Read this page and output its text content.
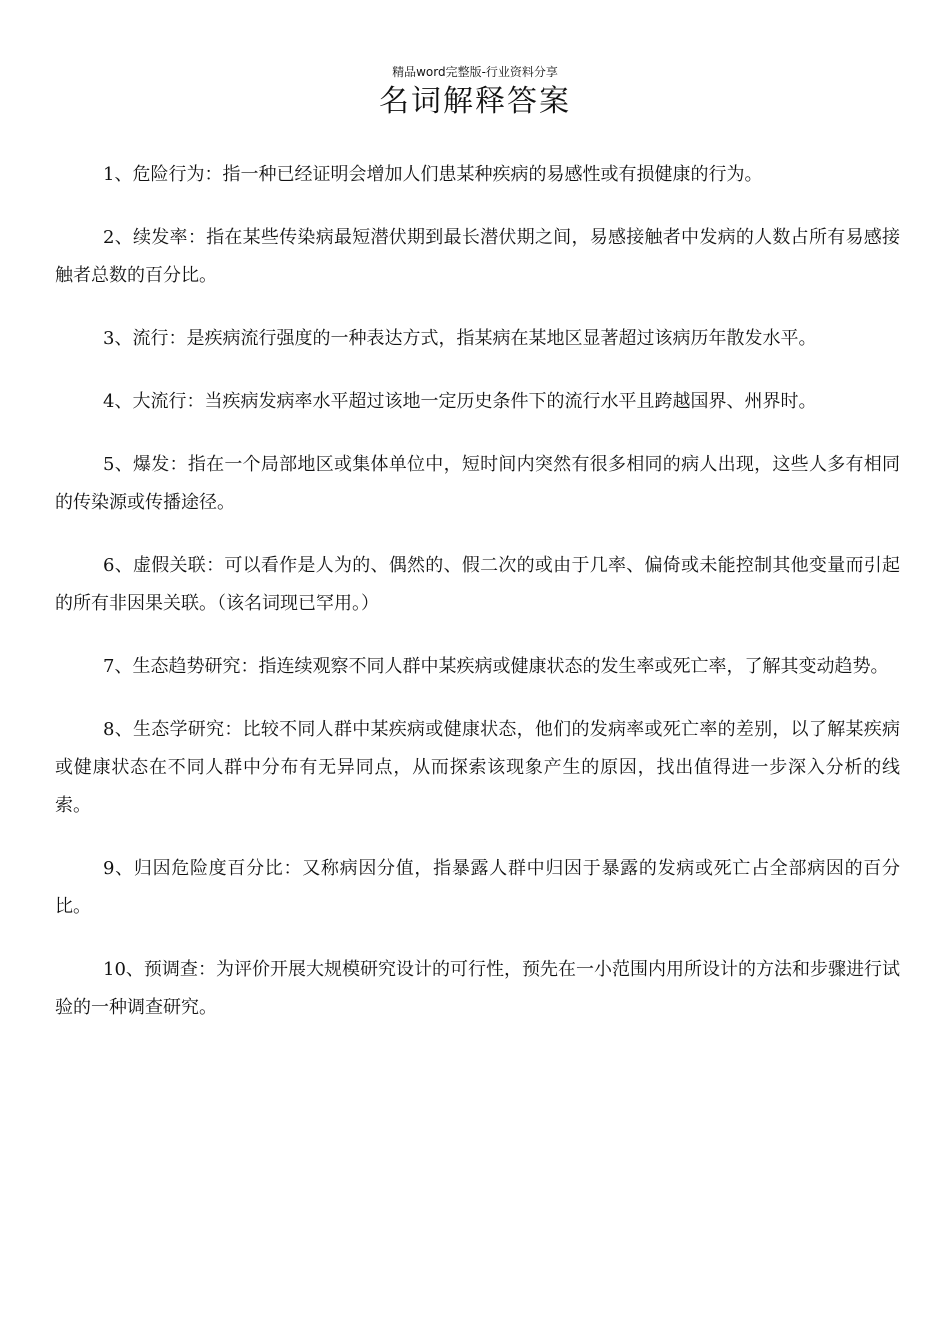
精品word完整版-行业资料分享
名词解释答案

1、危险行为：指一种已经证明会增加人们患某种疾病的易感性或有损健康的行为。

2、续发率：指在某些传染病最短潜伏期到最长潜伏期之间，易感接触者中发病的人数占所有易感接触者总数的百分比。

3、流行：是疾病流行强度的一种表达方式，指某病在某地区显著超过该病历年散发水平。

4、大流行：当疾病发病率水平超过该地一定历史条件下的流行水平且跨越国界、州界时。

5、爆发：指在一个局部地区或集体单位中，短时间内突然有很多相同的病人出现，这些人多有相同的传染源或传播途径。

6、虚假关联：可以看作是人为的、偶然的、假二次的或由于几率、偏倚或未能控制其他变量而引起的所有非因果关联。（该名词现已罕用。）

7、生态趋势研究：指连续观察不同人群中某疾病或健康状态的发生率或死亡率，了解其变动趋势。

8、生态学研究：比较不同人群中某疾病或健康状态，他们的发病率或死亡率的差别，以了解某疾病或健康状态在不同人群中分布有无异同点，从而探索该现象产生的原因，找出值得进一步深入分析的线索。

9、归因危险度百分比：又称病因分值，指暴露人群中归因于暴露的发病或死亡占全部病因的百分比。

10、预调查：为评价开展大规模研究设计的可行性，预先在一小范围内用所设计的方法和步骤进行试验的一种调查研究。
